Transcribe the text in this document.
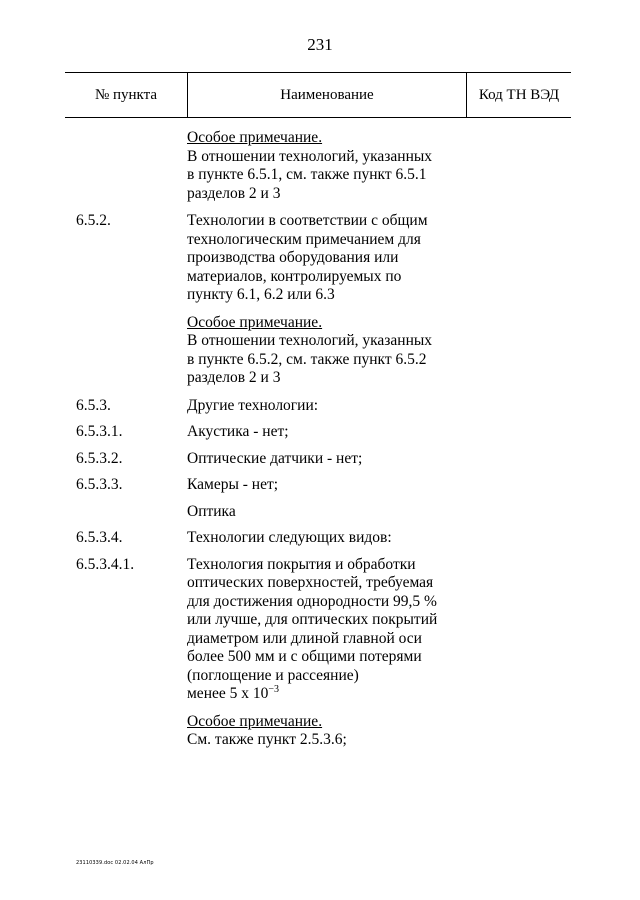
231
№ пункта	Наименование	Код ТН ВЭД
Особое примечание.
В отношении технологий, указанных
в пункте 6.5.1, см. также пункт 6.5.1
разделов 2 и 3
6.5.2.	Технологии в соответствии с общим
технологическим примечанием для
производства оборудования или
материалов, контролируемых по
пункту 6.1, 6.2 или 6.3
Особое примечание.
В отношении технологий, указанных
в пункте 6.5.2, см. также пункт 6.5.2
разделов 2 и 3
6.5.3.	Другие технологии:
6.5.3.1.	Акустика - нет;
6.5.3.2.	Оптические датчики - нет;
6.5.3.3.	Камеры - нет;
Оптика
6.5.3.4.	Технологии следующих видов:
6.5.3.4.1.	Технология покрытия и обработки
оптических поверхностей, требуемая
для достижения однородности 99,5 %
или лучше, для оптических покрытий
диаметром или длиной главной оси
более 500 мм и с общими потерями
(поглощение и рассеяние)
менее 5 х $10^{-3}$
Особое примечание.
См. также пункт 2.5.3.6;
23110339.doc 02.02.04 АлПр
